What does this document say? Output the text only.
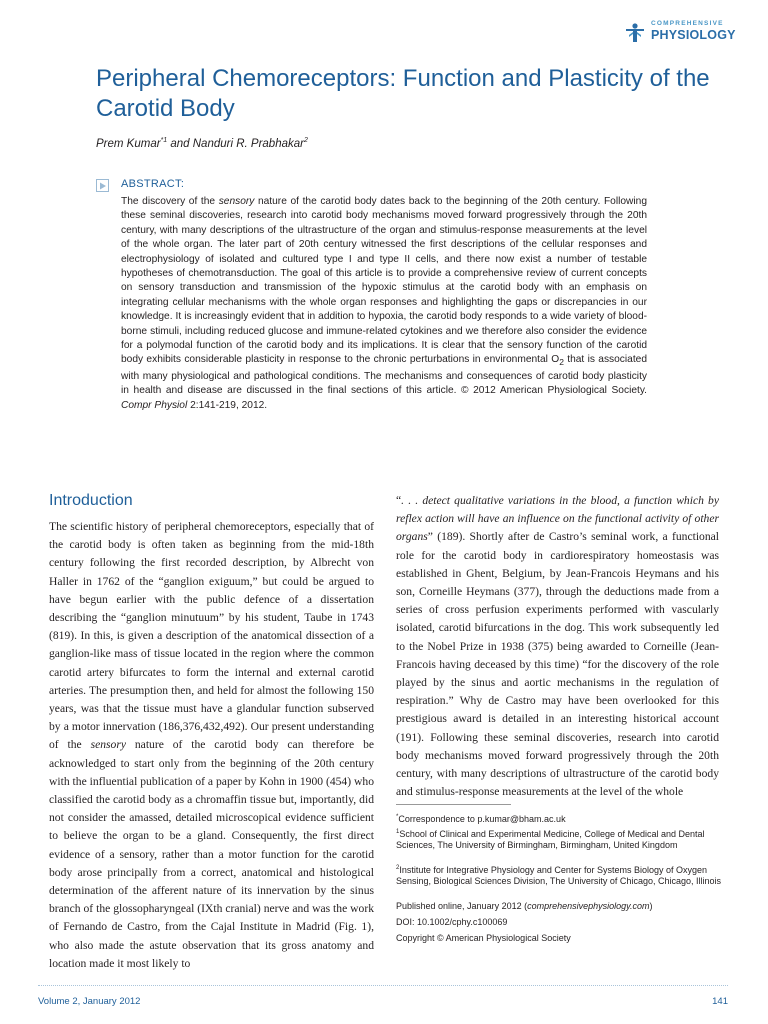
COMPREHENSIVE
PHYSIOLOGY
Peripheral Chemoreceptors: Function and Plasticity of the Carotid Body
Prem Kumar$^{*1}$ and Nanduri R. Prabhakar$^2$
ABSTRACT:

The discovery of the sensory nature of the carotid body dates back to the beginning of the 20th century. Following these seminal discoveries, research into carotid body mechanisms moved forward progressively through the 20th century, with many descriptions of the ultrastructure of the organ and stimulus-response measurements at the level of the whole organ. The later part of 20th century witnessed the first descriptions of the cellular responses and electrophysiology of isolated and cultured type I and type II cells, and there now exist a number of testable hypotheses of chemotransduction. The goal of this article is to provide a comprehensive review of current concepts on sensory transduction and transmission of the hypoxic stimulus at the carotid body with an emphasis on integrating cellular mechanisms with the whole organ responses and highlighting the gaps or discrepancies in our knowledge. It is increasingly evident that in addition to hypoxia, the carotid body responds to a wide variety of blood-borne stimuli, including reduced glucose and immune-related cytokines and we therefore also consider the evidence for a polymodal function of the carotid body and its implications. It is clear that the sensory function of the carotid body exhibits considerable plasticity in response to the chronic perturbations in environmental $O_2$ that is associated with many physiological and pathological conditions. The mechanisms and consequences of carotid body plasticity in health and disease are discussed in the final sections of this article. © 2012 American Physiological Society. Compr Physiol 2:141-219, 2012.

Introduction

The scientific history of peripheral chemoreceptors, especially that of the carotid body is often taken as beginning from the mid-18th century following the first recorded description, by Albrecht von Haller in 1762 of the “ganglion exiguum,” but could be argued to have begun earlier with the public defence of a dissertation describing the “ganglion minutuum” by his student, Taube in 1743 (819). In this, is given a description of the anatomical dissection of a ganglion-like mass of tissue located in the region where the common carotid artery bifurcates to form the internal and external carotid arteries. The presumption then, and held for almost the following 150 years, was that the tissue must have a glandular function subserved by a motor innervation (186,376,432,492). Our present understanding of the sensory nature of the carotid body can therefore be acknowledged to start only from the beginning of the 20th century with the influential publication of a paper by Kohn in 1900 (454) who classified the carotid body as a chromaffin tissue but, importantly, did not consider the amassed, detailed microscopical evidence sufficient to believe the organ to be a gland. Consequently, the first direct evidence of a sensory, rather than a motor function for the carotid body arose principally from a correct, anatomical and histological determination of the afferent nature of its innervation by the sinus branch of the glossopharyngeal (IXth cranial) nerve and was the work of Fernando de Castro, from the Cajal Institute in Madrid (Fig. 1), who also made the astute observation that its gross anatomy and location made it most likely to

“. . . detect qualitative variations in the blood, a function which by reflex action will have an influence on the functional activity of other organs” (189). Shortly after de Castro’s seminal work, a functional role for the carotid body in cardiorespiratory homeostasis was established in Ghent, Belgium, by Jean-Francois Heymans and his son, Corneille Heymans (377), through the deductions made from a series of cross perfusion experiments performed with vascularly isolated, carotid bifurcations in the dog. This work subsequently led to the Nobel Prize in 1938 (375) being awarded to Corneille (Jean-Francois having deceased by this time) “for the discovery of the role played by the sinus and aortic mechanisms in the regulation of respiration.” Why de Castro may have been overlooked for this prestigious award is detailed in an interesting historical account (191). Following these seminal discoveries, research into carotid body mechanisms moved forward progressively through the 20th century, with many descriptions of ultrastructure of the carotid body and stimulus-response measurements at the level of the whole

*Correspondence to p.kumar@bham.ac.uk

$^1$School of Clinical and Experimental Medicine, College of Medical and Dental Sciences, The University of Birmingham, Birmingham, United Kingdom

$^2$Institute for Integrative Physiology and Center for Systems Biology of Oxygen Sensing, Biological Sciences Division, The University of Chicago, Chicago, Illinois

Published online, January 2012 (comprehensivephysiology.com)

DOI: 10.1002/cphy.c100069

Copyright © American Physiological Society

Volume 2, January 2012	141
